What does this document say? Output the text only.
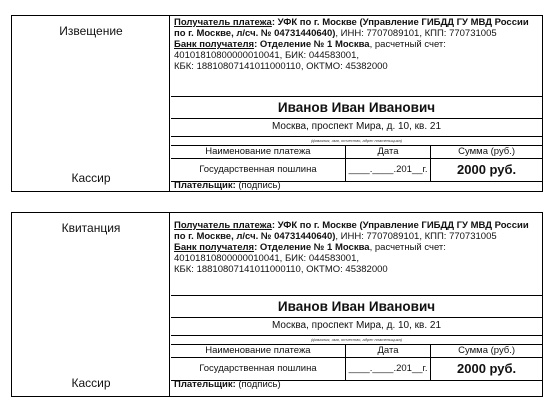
Извещение
Кассир
Получатель платежа: УФК по г. Москве (Управление ГИБДД ГУ МВД России по г. Москве, л/сч. № 04731440640), ИНН: 7707089101, КПП: 770731005
Банк получателя: Отделение № 1 Москва, расчетный счет: 40101810800000010041, БИК: 044583001,
КБК: 18810807141011000110, ОКТМО: 45382000
Иванов Иван Иванович
Москва, проспект Мира, д. 10, кв. 21
(фамилия, имя, отчество, адрес плательщика)
Наименование платежа	Дата	Сумма (руб.)
Государственная пошлина	____.____.201__г.	2000 руб.
Плательщик: (подпись)
Квитанция
Кассир
Получатель платежа: УФК по г. Москве (Управление ГИБДД ГУ МВД России по г. Москве, л/сч. № 04731440640), ИНН: 7707089101, КПП: 770731005
Банк получателя: Отделение № 1 Москва, расчетный счет: 40101810800000010041, БИК: 044583001,
КБК: 18810807141011000110, ОКТМО: 45382000
Иванов Иван Иванович
Москва, проспект Мира, д. 10, кв. 21
(фамилия, имя, отчество, адрес плательщика)
Наименование платежа	Дата	Сумма (руб.)
Государственная пошлина	____.____.201__г.	2000 руб.
Плательщик: (подпись)
